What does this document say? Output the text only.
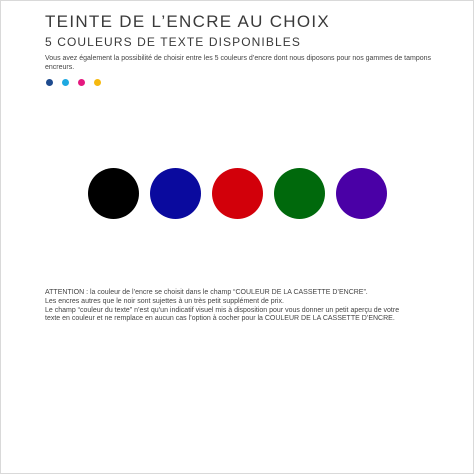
TEINTE DE L’ENCRE AU CHOIX
5 COULEURS DE TEXTE DISPONIBLES
Vous avez également la possibilité de choisir entre les 5 couleurs d’encre dont nous diposons pour nos gammes de tampons encreurs.
ATTENTION : la couleur de l’encre se choisit dans le champ “COULEUR DE LA CASSETTE D’ENCRE”.
Les encres autres que le noir sont sujettes à un très petit supplément de prix.
Le champ “couleur du texte” n’est qu’un indicatif visuel mis à disposition pour vous donner un petit aperçu de votre
texte en couleur et ne remplace en aucun cas l’option à cocher pour la COULEUR DE LA CASSETTE D’ENCRE.
